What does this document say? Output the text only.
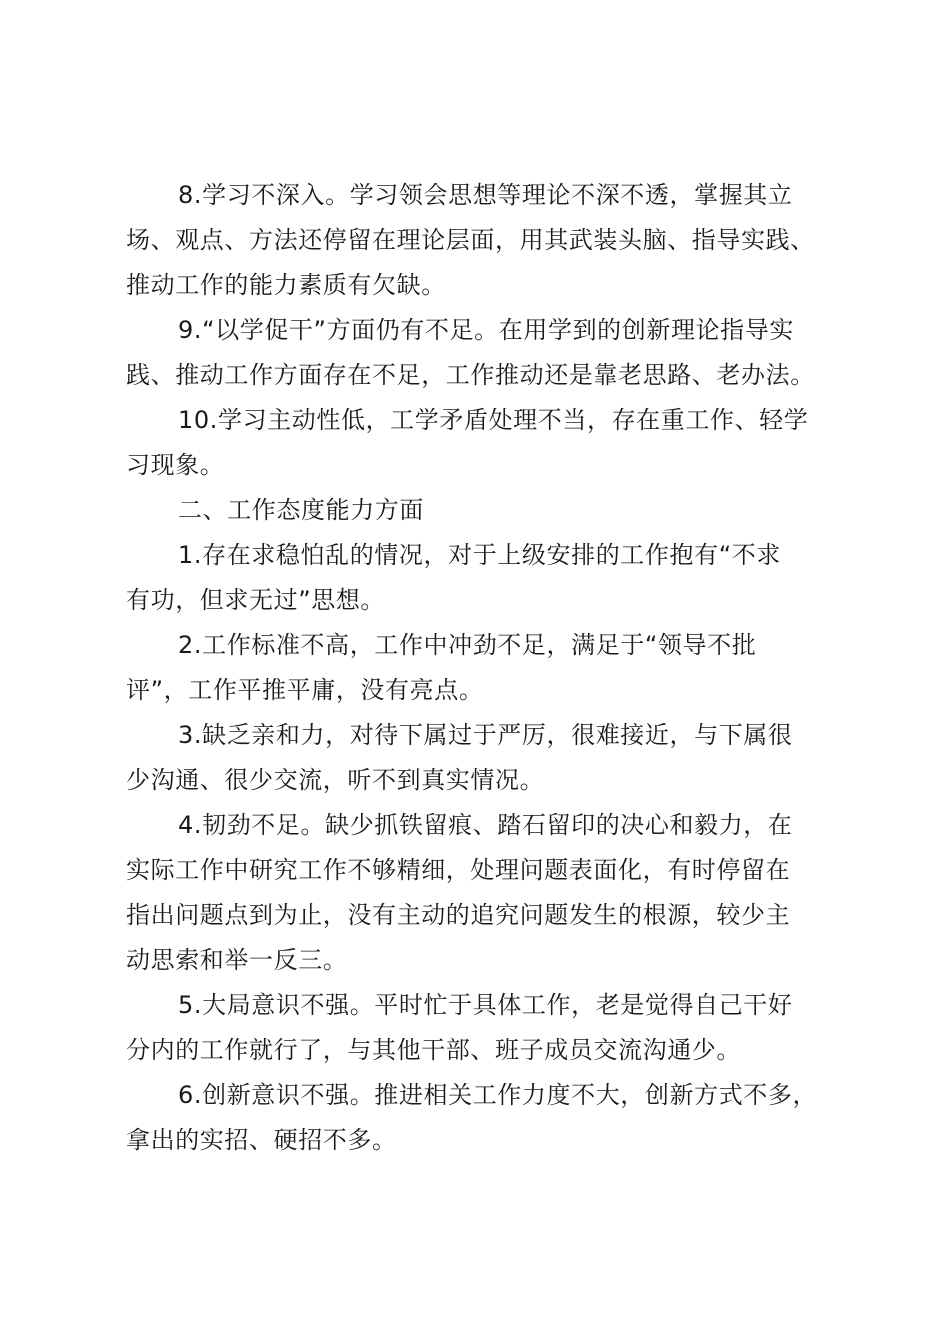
8.学习不深入。学习领会思想等理论不深不透，掌握其立
场、观点、方法还停留在理论层面，用其武装头脑、指导实践、
推动工作的能力素质有欠缺。
9.“以学促干”方面仍有不足。在用学到的创新理论指导实
践、推动工作方面存在不足，工作推动还是靠老思路、老办法。
10.学习主动性低，工学矛盾处理不当，存在重工作、轻学
习现象。
二、工作态度能力方面
1.存在求稳怕乱的情况，对于上级安排的工作抱有“不求
有功，但求无过”思想。
2.工作标准不高，工作中冲劲不足，满足于“领导不批
评”，工作平推平庸，没有亮点。
3.缺乏亲和力，对待下属过于严厉，很难接近，与下属很
少沟通、很少交流，听不到真实情况。
4.韧劲不足。缺少抓铁留痕、踏石留印的决心和毅力，在
实际工作中研究工作不够精细，处理问题表面化，有时停留在
指出问题点到为止，没有主动的追究问题发生的根源，较少主
动思索和举一反三。
5.大局意识不强。平时忙于具体工作，老是觉得自己干好
分内的工作就行了，与其他干部、班子成员交流沟通少。
6.创新意识不强。推进相关工作力度不大，创新方式不多，
拿出的实招、硬招不多。
